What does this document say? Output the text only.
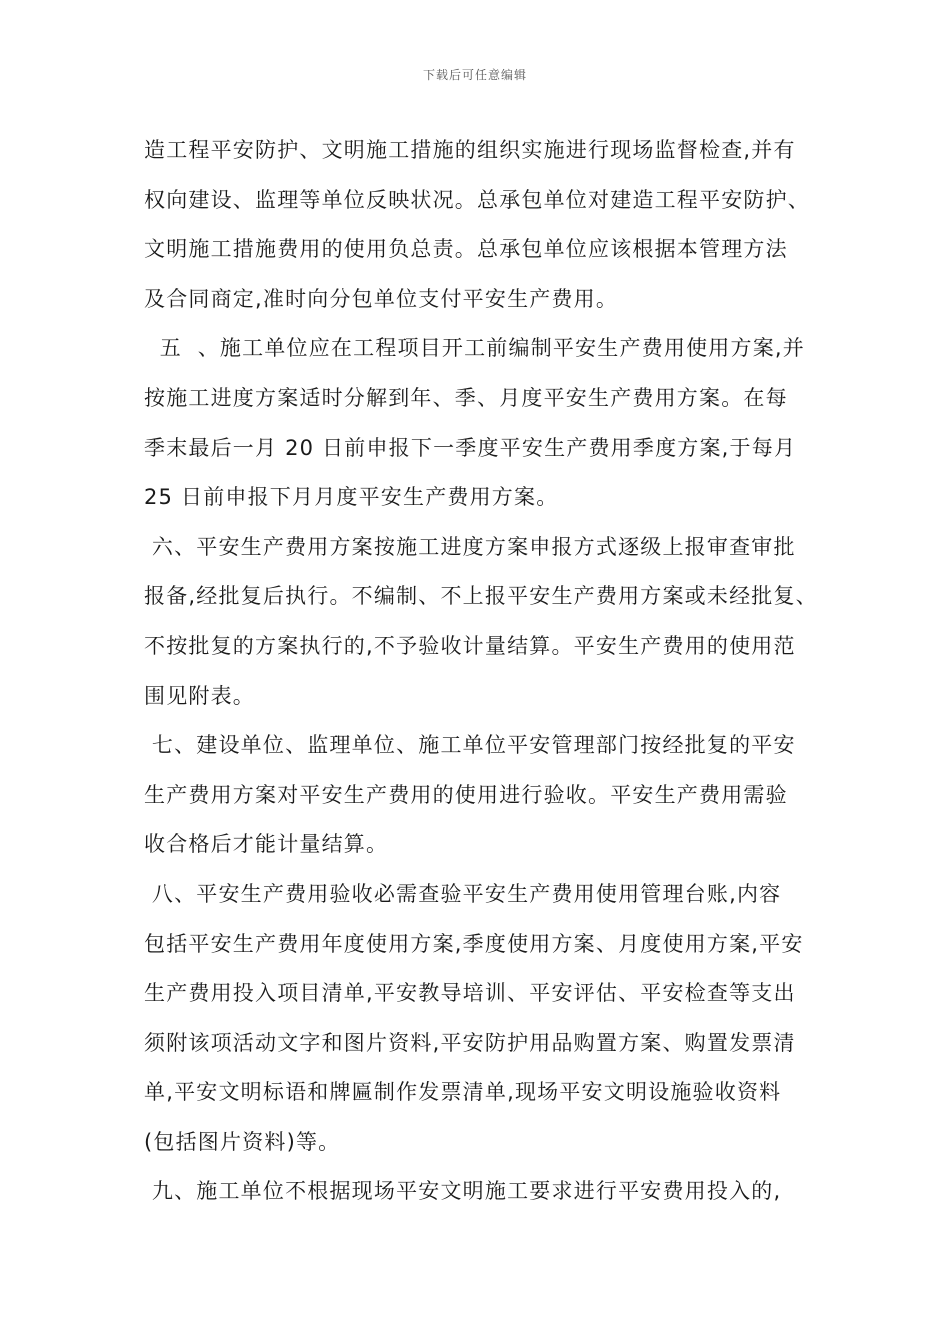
下载后可任意编辑
造工程平安防护、文明施工措施的组织实施进行现场监督检查,并有
权向建设、监理等单位反映状况。总承包单位对建造工程平安防护、
文明施工措施费用的使用负总责。总承包单位应该根据本管理方法
及合同商定,准时向分包单位支付平安生产费用。
五  、施工单位应在工程项目开工前编制平安生产费用使用方案,并
按施工进度方案适时分解到年、季、月度平安生产费用方案。在每
季末最后一月 20 日前申报下一季度平安生产费用季度方案,于每月
25 日前申报下月月度平安生产费用方案。
六、平安生产费用方案按施工进度方案申报方式逐级上报审查审批
报备,经批复后执行。不编制、不上报平安生产费用方案或未经批复、
不按批复的方案执行的,不予验收计量结算。平安生产费用的使用范
围见附表。
七、建设单位、监理单位、施工单位平安管理部门按经批复的平安
生产费用方案对平安生产费用的使用进行验收。平安生产费用需验
收合格后才能计量结算。
八、平安生产费用验收必需查验平安生产费用使用管理台账,内容
包括平安生产费用年度使用方案,季度使用方案、月度使用方案,平安
生产费用投入项目清单,平安教导培训、平安评估、平安检查等支出
须附该项活动文字和图片资料,平安防护用品购置方案、购置发票清
单,平安文明标语和牌匾制作发票清单,现场平安文明设施验收资料
(包括图片资料)等。
九、施工单位不根据现场平安文明施工要求进行平安费用投入的,
